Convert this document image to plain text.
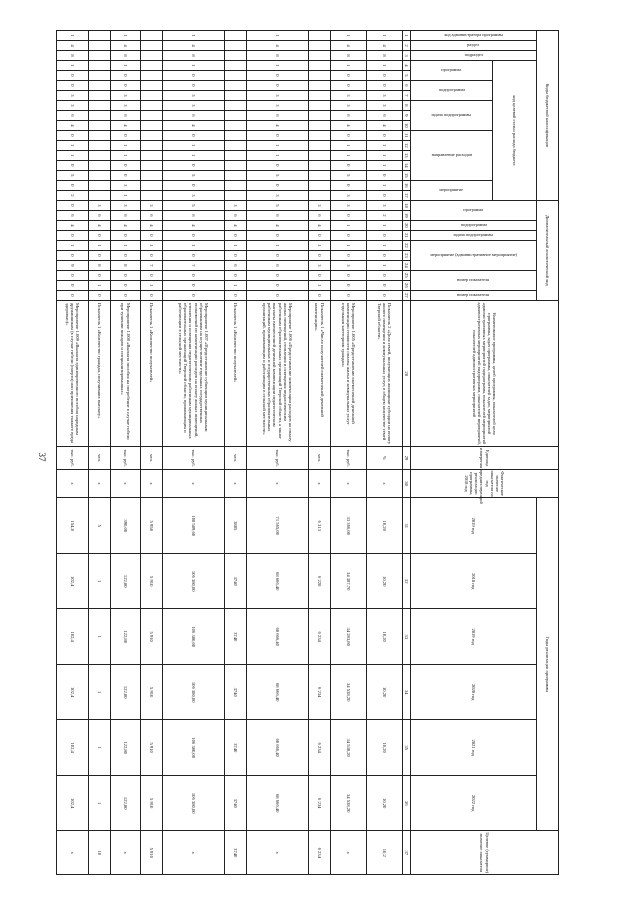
37
Коды бюджетной классификации																	Дополнительный аналитический код										Наименование программы, целей программы, показателей цели программы, задач программы, показателей задач, мероприятий административных мероприятий подпрограмм, показателей мероприятий административных мероприятий подпрограмм, показателей мероприятий, показателей административных мероприятий	Единица измерения	Фактическое значение показателя на год предшествующий реализации программы, 2018 год	Годы реализации программы						Целевое (суммарное) значение показателя

код администратора программы	раздел	подраздел	код целевой статьи расхода бюджета														программа		подпрограмма	задача подпрограммы	мероприятие (административное мероприятие)			номер показателя		номер показателя				2019 год	2018 год	2019 год	2020 год	2021 год	2022 год	

			программа		подпрограмма		задача подпрограммы			направление расходов					мероприятие																					

1	2	3	4	5	6	7	8	9	10	11	12	13	14	15	16	17	18	19	20	21	22	23	24	25	26	27	28	29	30	31	32	33	34	35	36	37
1	4	8	1	0	0	3	3	6	4	0	1	1	1	0	1	0	3	2	1	0	1	0	1	0	0	0	Показатель 2 «Доля семей, получающих жилищные субсидии на оплату жилого помещения и коммунальных услуг, в общем количестве семей Тверской области»	%	x	10,20	10,20	10,20	10,20	10,20	10,20	10,2
1	4	8	1	0	0	3	3	6	4	0	1	1	0	5	0	3	3	0	1	0	1	0	3	0	0	0	Мероприятие 1.005 «Предоставление ежемесячной денежной компенсации стоимости оплаты жилья и коммунальных услуг отдельным категориям граждан»	тыс. руб.	x	33 366,00	34 387,70	34 283,80	34 538,20	34 538,20	34 538,20	x
																	3	6	4	0	1	0	3	0	1	0	Показатель 1 «Число получателей ежемесячной денежной компенсации»	чел.	x	6 313	6 228	6 234	6 234	6 234	6 234	6 234
1	4	8	1	0	0	3	3	6	4	0	1	1	0	5	0	3	5	6	4	0	1	0	6	0	0	0	Мероприятие 1.006 «Предоставление компенсации расходов на оплату жилых помещений, отопления и освещения педагогическим работникам образовательных организаций Тверской области, а также выплаты ежемесячной денежной компенсации педагогическим работникам муниципальных и государственных образовательных организаций, проживающим и работающим в сельской местности»	тыс. руб.	x	71 565,00	68 666,40	68 666,40	68 666,40	68 666,40	68 666,40	x
																	3	6	4	0	1	0	6	0	1	0	Показатель 1 «Количество получателей»	чел.	x	3885	3740	3740	3740	3740	3740	3740
1	4	8	1	0	0	3	3	6	4	0	1	1	0	5	0	3	5	6	4	0	1	0	7	0	0	0	Мероприятие 1.007 «Предоставление субвенции муниципальным образованиям на осуществление отдельных государственных полномочий по компенсации расходов на оплату жилых помещений, отопления и освещения педагогическим работникам муниципальных образовательных организаций Тверской области, проживающим и работающим в сельской местности»	тыс. руб.	x	108 589,60	106 380,00	106 380,00	106 380,00	106 380,00	106 380,00	x
																	3	6	4	0	1	0	7	0	1	0	Показатель 1 «Количество получателей»	чел.	x	5 958	5 910	5 910	5 910	5 910	5 910	5 910
1	4	8	1	0	0	3	3	6	4	0	1	1	0	0	3	1	3	6	4	0	1	0	8	0	0	0	Мероприятие 1.008 «Выплата пособия на погребение в случае гибели при тушении пожаров и специализированных»	тыс. руб.	x	390,00	122,80	122,80	122,80	122,80	122,80	x
																	3	6	4	0	1	0	8	0	1	0	Показатель 1 «Количество граждан, получивших выплату»	чел.	x	5	1	1	1	1	1	10
1	4	8	1	0	0	3	3	6	4	0	1	1	0	5	0	2	0	6	4	0	1	0	9	0	0	0	Мероприятие 1.009 «Выплата единовременного пособия народным дружинникам (в случае гибели (смерти) или причинения тяжкого вреда здоровью)»	тыс. руб.	x	154,8	102,4	102,4	102,4	102,4	102,4	x
